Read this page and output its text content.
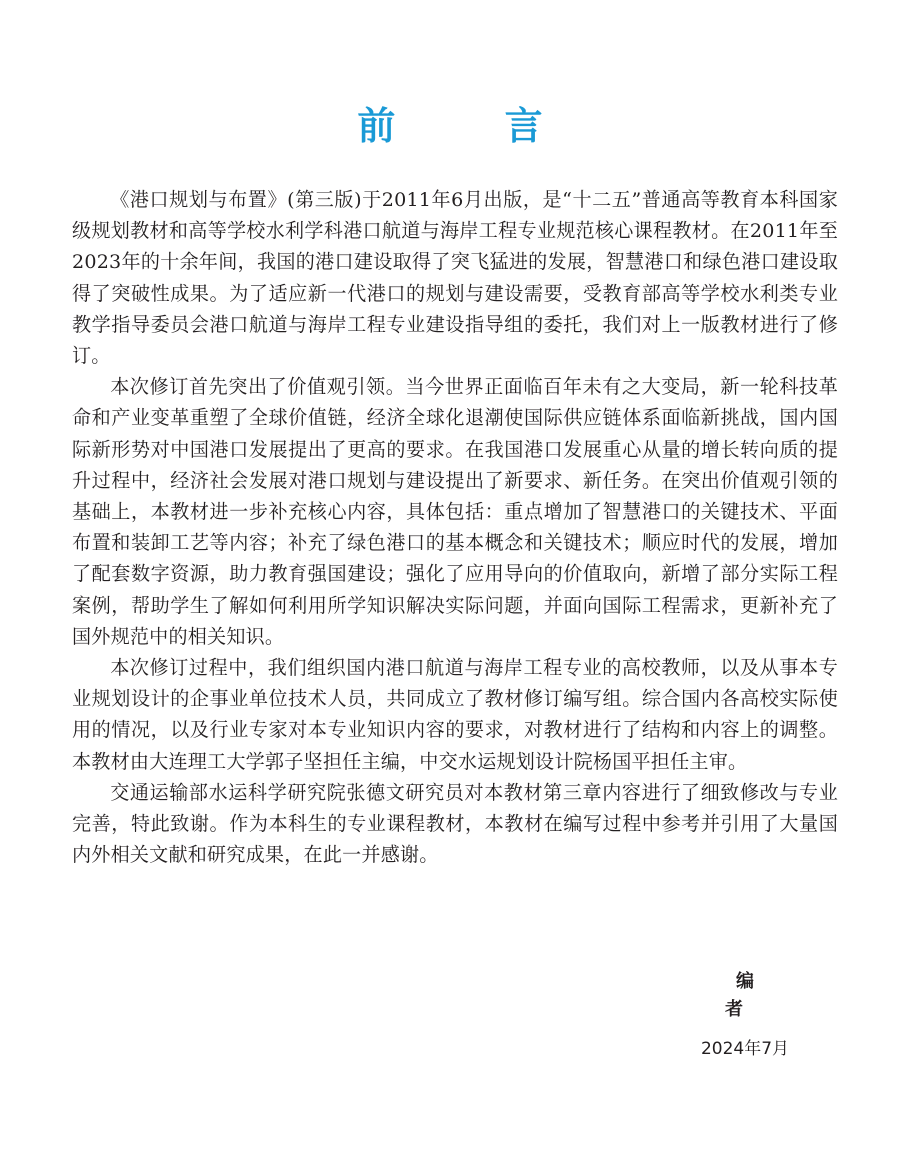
前 言

《港口规划与布置》(第三版)于2011年6月出版，是“十二五”普通高等教育本科国家级规划教材和高等学校水利学科港口航道与海岸工程专业规范核心课程教材。在2011年至2023年的十余年间，我国的港口建设取得了突飞猛进的发展，智慧港口和绿色港口建设取得了突破性成果。为了适应新一代港口的规划与建设需要，受教育部高等学校水利类专业教学指导委员会港口航道与海岸工程专业建设指导组的委托，我们对上一版教材进行了修订。

本次修订首先突出了价值观引领。当今世界正面临百年未有之大变局，新一轮科技革命和产业变革重塑了全球价值链，经济全球化退潮使国际供应链体系面临新挑战，国内国际新形势对中国港口发展提出了更高的要求。在我国港口发展重心从量的增长转向质的提升过程中，经济社会发展对港口规划与建设提出了新要求、新任务。在突出价值观引领的基础上，本教材进一步补充核心内容，具体包括：重点增加了智慧港口的关键技术、平面布置和装卸工艺等内容；补充了绿色港口的基本概念和关键技术；顺应时代的发展，增加了配套数字资源，助力教育强国建设；强化了应用导向的价值取向，新增了部分实际工程案例，帮助学生了解如何利用所学知识解决实际问题，并面向国际工程需求，更新补充了国外规范中的相关知识。

本次修订过程中，我们组织国内港口航道与海岸工程专业的高校教师，以及从事本专业规划设计的企事业单位技术人员，共同成立了教材修订编写组。综合国内各高校实际使用的情况，以及行业专家对本专业知识内容的要求，对教材进行了结构和内容上的调整。本教材由大连理工大学郭子坚担任主编，中交水运规划设计院杨国平担任主审。

交通运输部水运科学研究院张德文研究员对本教材第三章内容进行了细致修改与专业完善，特此致谢。作为本科生的专业课程教材，本教材在编写过程中参考并引用了大量国内外相关文献和研究成果，在此一并感谢。

编 者
2024年7月
